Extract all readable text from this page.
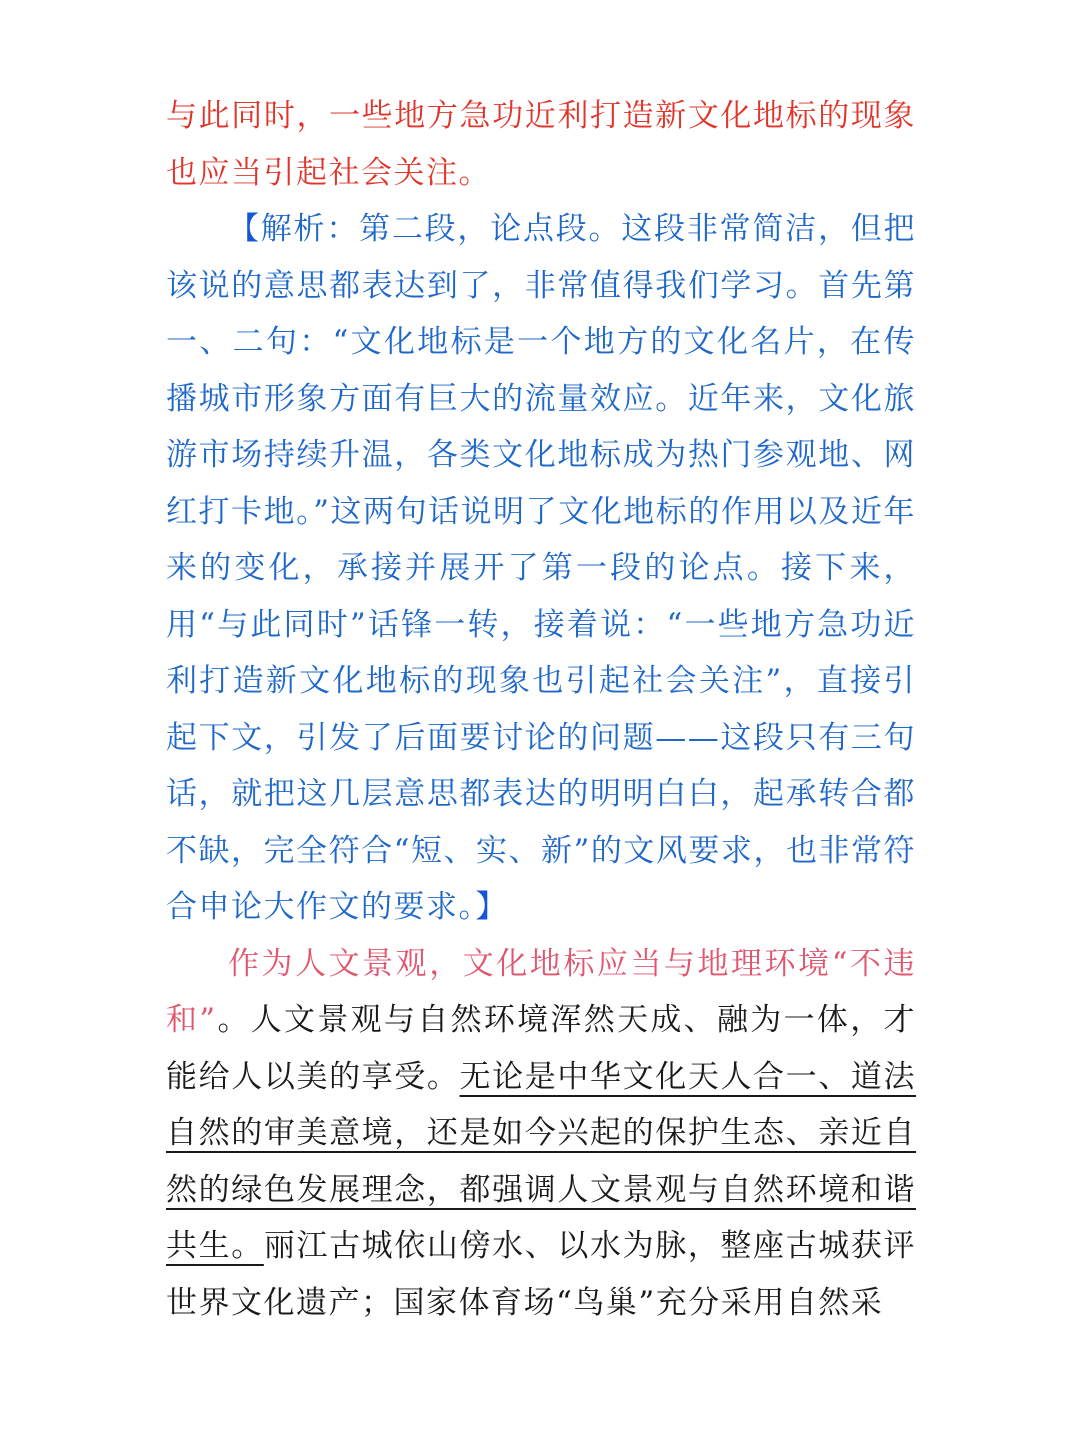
与此同时，一些地方急功近利打造新文化地标的现象也应当引起社会关注。

【解析：第二段，论点段。这段非常简洁，但把该说的意思都表达到了，非常值得我们学习。首先第一、二句：“文化地标是一个地方的文化名片，在传播城市形象方面有巨大的流量效应。近年来，文化旅游市场持续升温，各类文化地标成为热门参观地、网红打卡地。”这两句话说明了文化地标的作用以及近年来的变化，承接并展开了第一段的论点。接下来，用“与此同时”话锋一转，接着说：“一些地方急功近利打造新文化地标的现象也引起社会关注”，直接引起下文，引发了后面要讨论的问题——这段只有三句话，就把这几层意思都表达的明明白白，起承转合都不缺，完全符合“短、实、新”的文风要求，也非常符合申论大作文的要求。】

作为人文景观，文化地标应当与地理环境“不违和”。人文景观与自然环境浑然天成、融为一体，才能给人以美的享受。无论是中华文化天人合一、道法自然的审美意境，还是如今兴起的保护生态、亲近自然的绿色发展理念，都强调人文景观与自然环境和谐共生。丽江古城依山傍水、以水为脉，整座古城获评世界文化遗产；国家体育场“鸟巢”充分采用自然采
